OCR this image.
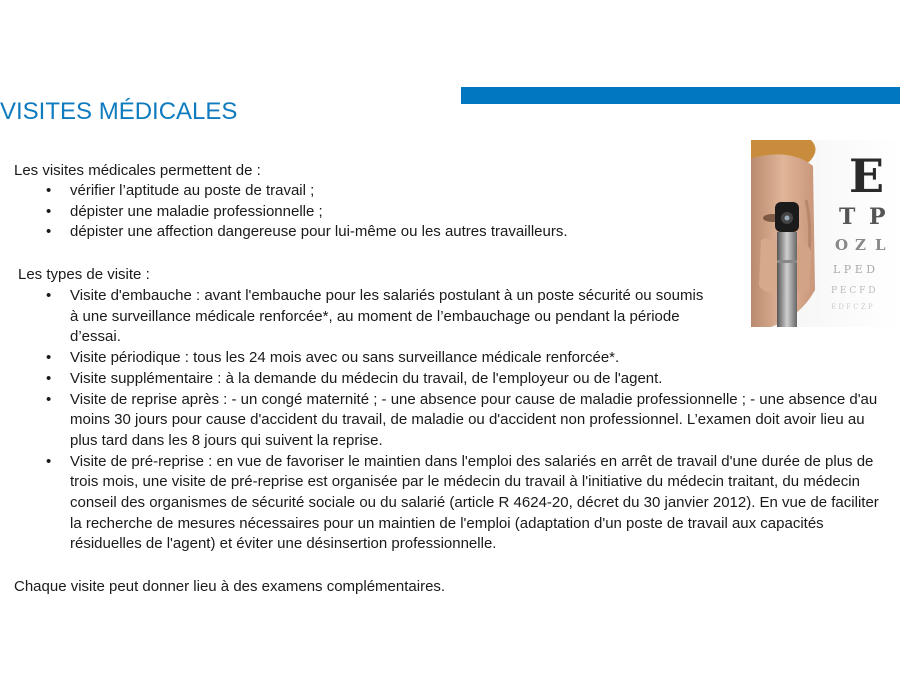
VISITES MÉDICALES
E
T P
O Z L
L P E D
P E C F D
E D F C Z P

Les visites médicales permettent de :

•	vérifier l’aptitude au poste de travail ;
•	dépister une maladie professionnelle ;
•	dépister une affection dangereuse pour lui-même ou les autres travailleurs.

Les types de visite :

•	Visite d'embauche : avant l'embauche pour les salariés postulant à un poste sécurité ou soumis
à une surveillance médicale renforcée*, au moment de l’embauchage ou pendant la période
d’essai.
•	Visite périodique : tous les 24 mois avec ou sans surveillance médicale renforcée*.
•	Visite supplémentaire : à la demande du médecin du travail, de l'employeur ou de l'agent.
•	Visite de reprise après : - un congé maternité ; - une absence pour cause de maladie professionnelle ; - une absence d'au
moins 30 jours pour cause d'accident du travail, de maladie ou d'accident non professionnel. L’examen doit avoir lieu au
plus tard dans les 8 jours qui suivent la reprise.
•	Visite de pré-reprise : en vue de favoriser le maintien dans l'emploi des salariés en arrêt de travail d'une durée de plus de
trois mois, une visite de pré-reprise est organisée par le médecin du travail à l'initiative du médecin traitant, du médecin
conseil des organismes de sécurité sociale ou du salarié (article R 4624-20, décret du 30 janvier 2012). En vue de faciliter
la recherche de mesures nécessaires pour un maintien de l'emploi (adaptation d'un poste de travail aux capacités
résiduelles de l'agent) et éviter une désinsertion professionnelle.

Chaque visite peut donner lieu à des examens complémentaires.
